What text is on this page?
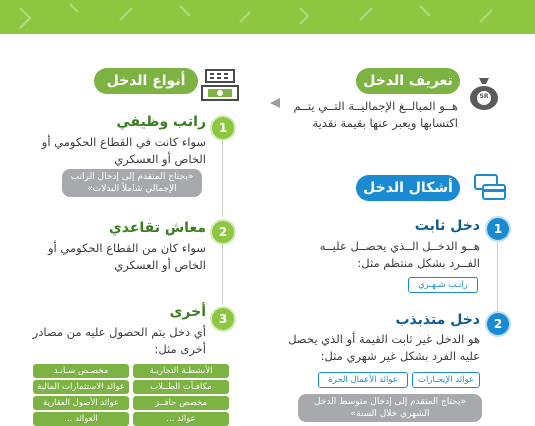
SR
تعريف الدخل
هــو المبالــغ الإجماليــة التــي يتــم
اكتسابها ويعبر عنها بقيمة نقدية
أشكال الدخل
1
دخل ثابت
هــو الدخــل الــذي يحصــل عليــه
الفــرد بشكل منتظم مثل:
راتـب شـهـري
2
دخل متذبذب
هو الدخل غير ثابت القيمة أو الذي يحصل
عليه الفرد بشكل غير شهري مثل:
عوائد الإيجـارات
عوائد الأعمال الحرة
«يحتاج المتقدم إلى إدخال متوسط الدخل
الشهري خلال السنة»
أنواع الدخل
1
راتب وظيفي
سواء كانت في القطاع الحكومي أو
الخاص أو العسكري
«يحتاج المتقدم إلى إدخال الراتب
الإجمالي شاملاً البدلات»
2
معاش تقاعدي
سواء كان من القطاع الحكومي أو
الخاص أو العسكري
3
أخرى
أي دخل يتم الحصول عليه من مصادر
أخرى مثل:
الأنشطـة التجاريـة
مخصـص سـانـد
مكافـآت الطــلاب
عوائد الاستثمارات المالية
مخصص حافــز
عوائد الأصول العقارية
عوائد ...
العوائد ...
